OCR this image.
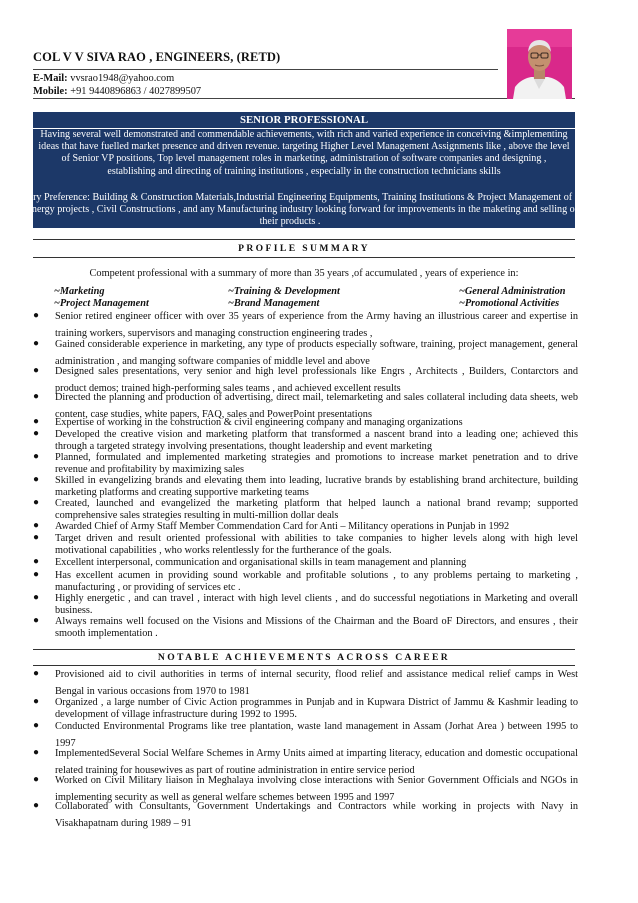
COL V V SIVA RAO , ENGINEERS, (RETD)
E-Mail: vvsrao1948@yahoo.com
Mobile: +91 9440896863 / 4027899507
SENIOR PROFESSIONAL
Having several well demonstrated and commendable achievements, with rich and varied experience in conceiving &implementing ideas that have fuelled market presence and driven revenue. targeting Higher Level Management Assignments like , above the level of Senior VP positions, Top level management roles in marketing, administration of software companies and designing , establishing and directing of training institutions , especially in the construction technicians skills
Industry Preference: Building & Construction Materials,Industrial Engineering Equipments, Training Institutions & Project Management of Solar Energy projects , Civil Constructions , and any Manufacturing industry looking forward for improvements in the maketing and selling of their products .
PROFILE SUMMARY
Competent professional with a summary of more than 35 years ,of accumulated , years of experience in:
~Marketing	~Training & Development	~General Administration
~Project Management	~Brand Management	~Promotional Activities
● Senior retired engineer officer with over 35 years of experience from the Army having an illustrious career and expertise in training workers, supervisors and managing construction engineering trades ,
● Gained considerable experience in marketing, any type of products especially software, training, project management, general administration , and manging software companies of middle level and above
● Designed sales presentations, very senior and high level professionals like Engrs , Architects , Builders, Contarctors and product demos; trained high-performing sales teams , and achieved excellent results
● Directed the planning and production of advertising, direct mail, telemarketing and sales collateral including data sheets, web content, case studies, white papers, FAQ, sales and PowerPoint presentations
● Expertise of working in the construction & civil engineering company and managing organizations
● Developed the creative vision and marketing platform that transformed a nascent brand into a leading one; achieved this through a targeted strategy involving presentations, thought leadership and event marketing
● Planned, formulated and implemented marketing strategies and promotions to increase market penetration and to drive revenue and profitability by maximizing sales
● Skilled in evangelizing brands and elevating them into leading, lucrative brands by establishing brand architecture, building marketing platforms and creating supportive marketing teams
● Created, launched and evangelized the marketing platform that helped launch a national brand revamp; supported comprehensive sales strategies resulting in multi-million dollar deals
● Awarded Chief of Army Staff Member Commendation Card for Anti – Militancy operations in Punjab in 1992
● Target driven and result oriented professional with abilities to take companies to higher levels along with high level motivational capabilities , who works relentlessly for the furtherance of the goals.
● Excellent interpersonal, communication and organisational skills in team management and planning
● Has excellent acumen in providing sound workable and profitable solutions , to any problems pertaing to marketing , manufacturing , or providing of services etc .
● Highly energetic , and can travel , interact with high level clients , and do successful negotiations in Marketing and overall business.
● Always remains well focused on the Visions and Missions of the Chairman and the Board oF Directors, and ensures , their smooth implementation .
NOTABLE ACHIEVEMENTS ACROSS CAREER
● Provisioned aid to civil authorities in terms of internal security, flood relief and assistance medical relief camps in West Bengal in various occasions from 1970 to 1981
● Organized , a large number of Civic Action programmes in Punjab and in Kupwara District of Jammu & Kashmir leading to development of village infrastructure during 1992 to 1995.
● Conducted Environmental Programs like tree plantation, waste land management in Assam (Jorhat Area ) between 1995 to 1997
● ImplementedSeveral Social Welfare Schemes in Army Units aimed at imparting literacy, education and domestic occupational related training for housewives as part of routine administration in entire service period
● Worked on Civil Military liaison in Meghalaya involving close interactions with Senior Government Officials and NGOs in implementing security as well as general welfare schemes between 1995 and 1997
● Collaborated with Consultants, Government Undertakings and Contractors while working in projects with Navy in Visakhapatnam during 1989 – 91
